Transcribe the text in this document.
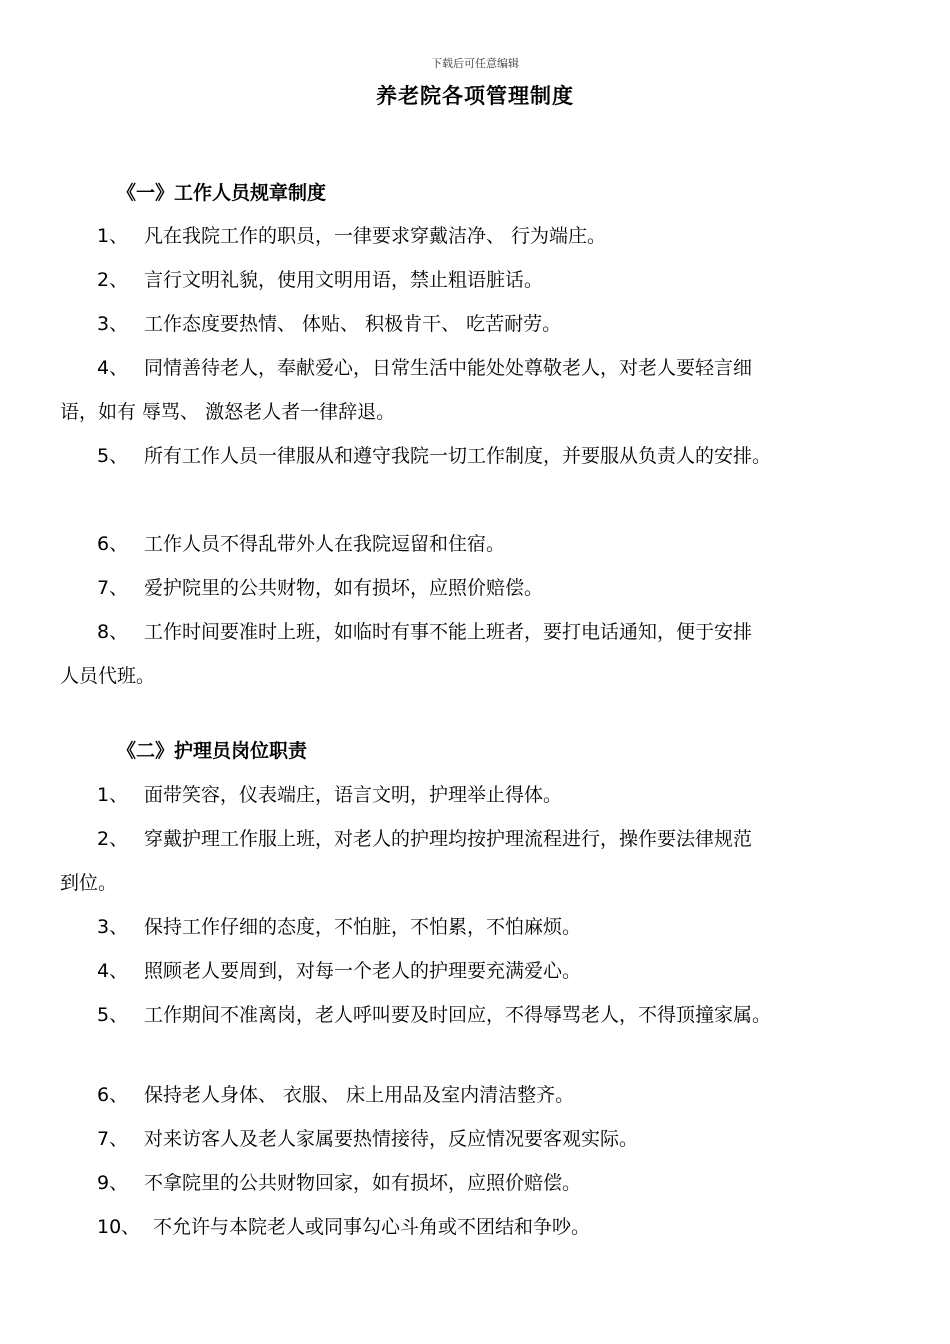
下载后可任意编辑
养老院各项管理制度
《一》工作人员规章制度
1、 凡在我院工作的职员，一律要求穿戴洁净、 行为端庄。
2、 言行文明礼貌，使用文明用语，禁止粗语脏话。
3、 工作态度要热情、 体贴、 积极肯干、 吃苦耐劳。
4、 同情善待老人，奉献爱心，日常生活中能处处尊敬老人，对老人要轻言细
语，如有 辱骂、 激怒老人者一律辞退。
5、 所有工作人员一律服从和遵守我院一切工作制度，并要服从负责人的安排。
6、 工作人员不得乱带外人在我院逗留和住宿。
7、 爱护院里的公共财物，如有损坏，应照价赔偿。
8、 工作时间要准时上班，如临时有事不能上班者，要打电话通知，便于安排
人员代班。
《二》护理员岗位职责
1、 面带笑容，仪表端庄，语言文明，护理举止得体。
2、 穿戴护理工作服上班，对老人的护理均按护理流程进行，操作要法律规范
到位。
3、 保持工作仔细的态度，不怕脏，不怕累，不怕麻烦。
4、 照顾老人要周到，对每一个老人的护理要充满爱心。
5、 工作期间不准离岗，老人呼叫要及时回应，不得辱骂老人，不得顶撞家属。
6、 保持老人身体、 衣服、 床上用品及室内清洁整齐。
7、 对来访客人及老人家属要热情接待，反应情况要客观实际。
9、 不拿院里的公共财物回家，如有损坏，应照价赔偿。
10、 不允许与本院老人或同事勾心斗角或不团结和争吵。
